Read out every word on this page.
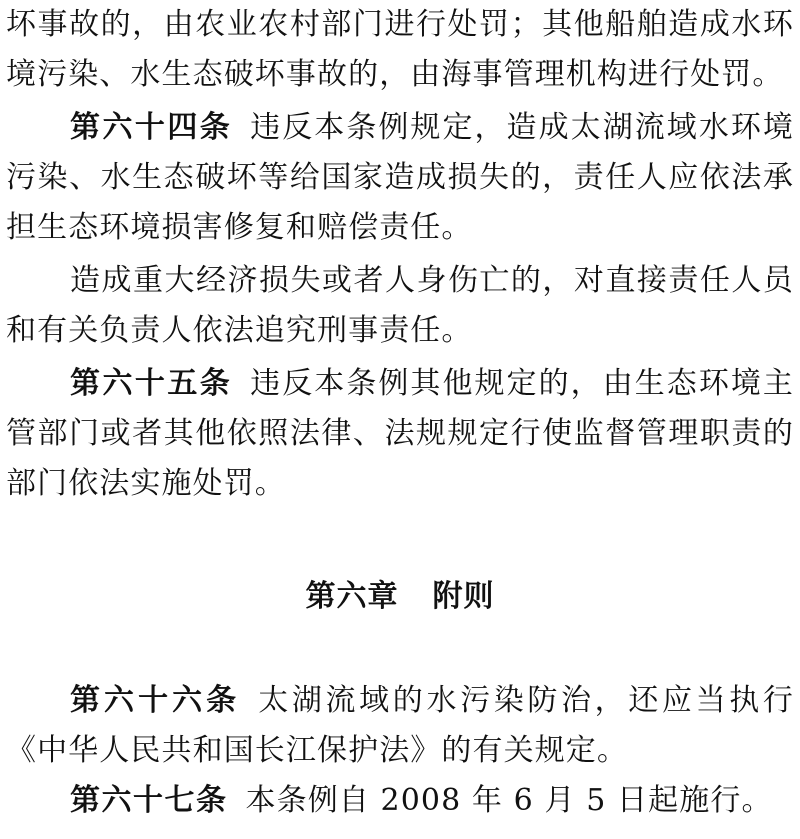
坏事故的，由农业农村部门进行处罚；其他船舶造成水环境污染、水生态破坏事故的，由海事管理机构进行处罚。

第六十四条 违反本条例规定，造成太湖流域水环境污染、水生态破坏等给国家造成损失的，责任人应依法承担生态环境损害修复和赔偿责任。

造成重大经济损失或者人身伤亡的，对直接责任人员和有关负责人依法追究刑事责任。

第六十五条 违反本条例其他规定的，由生态环境主管部门或者其他依照法律、法规规定行使监督管理职责的部门依法实施处罚。

第六章 附则

第六十六条 太湖流域的水污染防治，还应当执行《中华人民共和国长江保护法》的有关规定。

第六十七条 本条例自 2008 年 6 月 5 日起施行。
